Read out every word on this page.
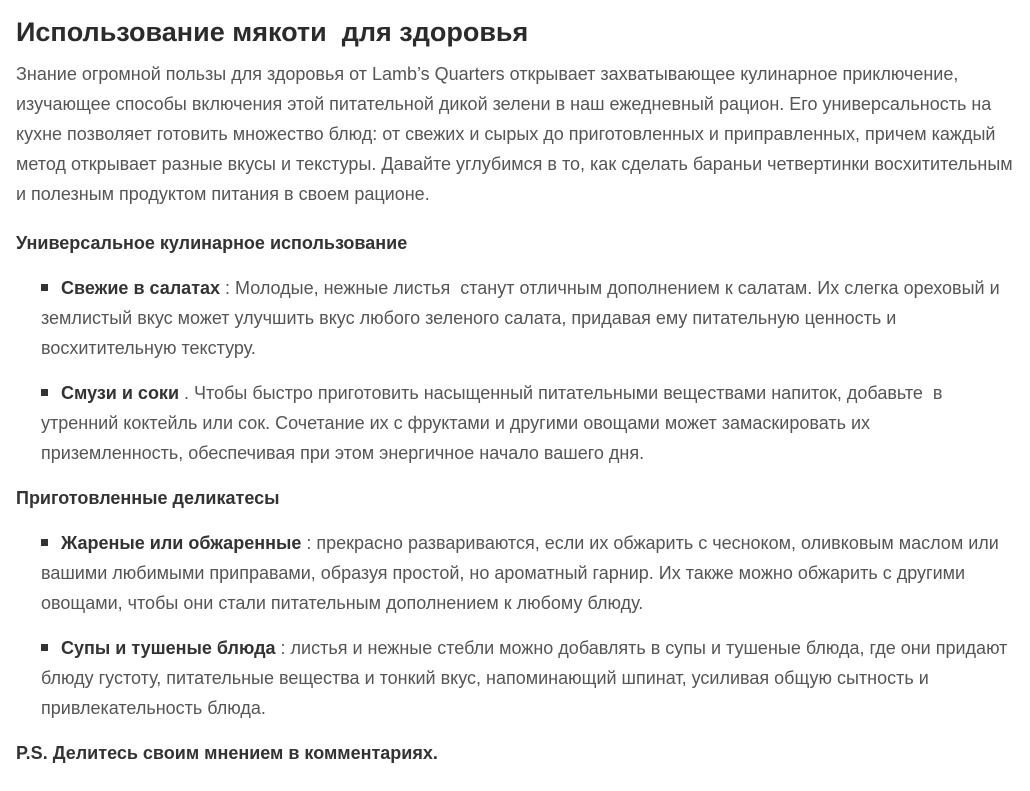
Использование мякоти  для здоровья

Знание огромной пользы для здоровья от Lamb’s Quarters открывает захватывающее кулинарное приключение, изучающее способы включения этой питательной дикой зелени в наш ежедневный рацион. Его универсальность на кухне позволяет готовить множество блюд: от свежих и сырых до приготовленных и приправленных, причем каждый метод открывает разные вкусы и текстуры. Давайте углубимся в то, как сделать бараньи четвертинки восхитительным и полезным продуктом питания в своем рационе.

Универсальное кулинарное использование
Свежие в салатах : Молодые, нежные листья  станут отличным дополнением к салатам. Их слегка ореховый и землистый вкус может улучшить вкус любого зеленого салата, придавая ему питательную ценность и восхитительную текстуру.
Смузи и соки . Чтобы быстро приготовить насыщенный питательными веществами напиток, добавьте  в утренний коктейль или сок. Сочетание их с фруктами и другими овощами может замаскировать их приземленность, обеспечивая при этом энергичное начало вашего дня.
Приготовленные деликатесы
Жареные или обжаренные : прекрасно развариваются, если их обжарить с чесноком, оливковым маслом или вашими любимыми приправами, образуя простой, но ароматный гарнир. Их также можно обжарить с другими овощами, чтобы они стали питательным дополнением к любому блюду.
Супы и тушеные блюда : листья и нежные стебли можно добавлять в супы и тушеные блюда, где они придают блюду густоту, питательные вещества и тонкий вкус, напоминающий шпинат, усиливая общую сытность и привлекательность блюда.

P.S. Делитесь своим мнением в комментариях.
